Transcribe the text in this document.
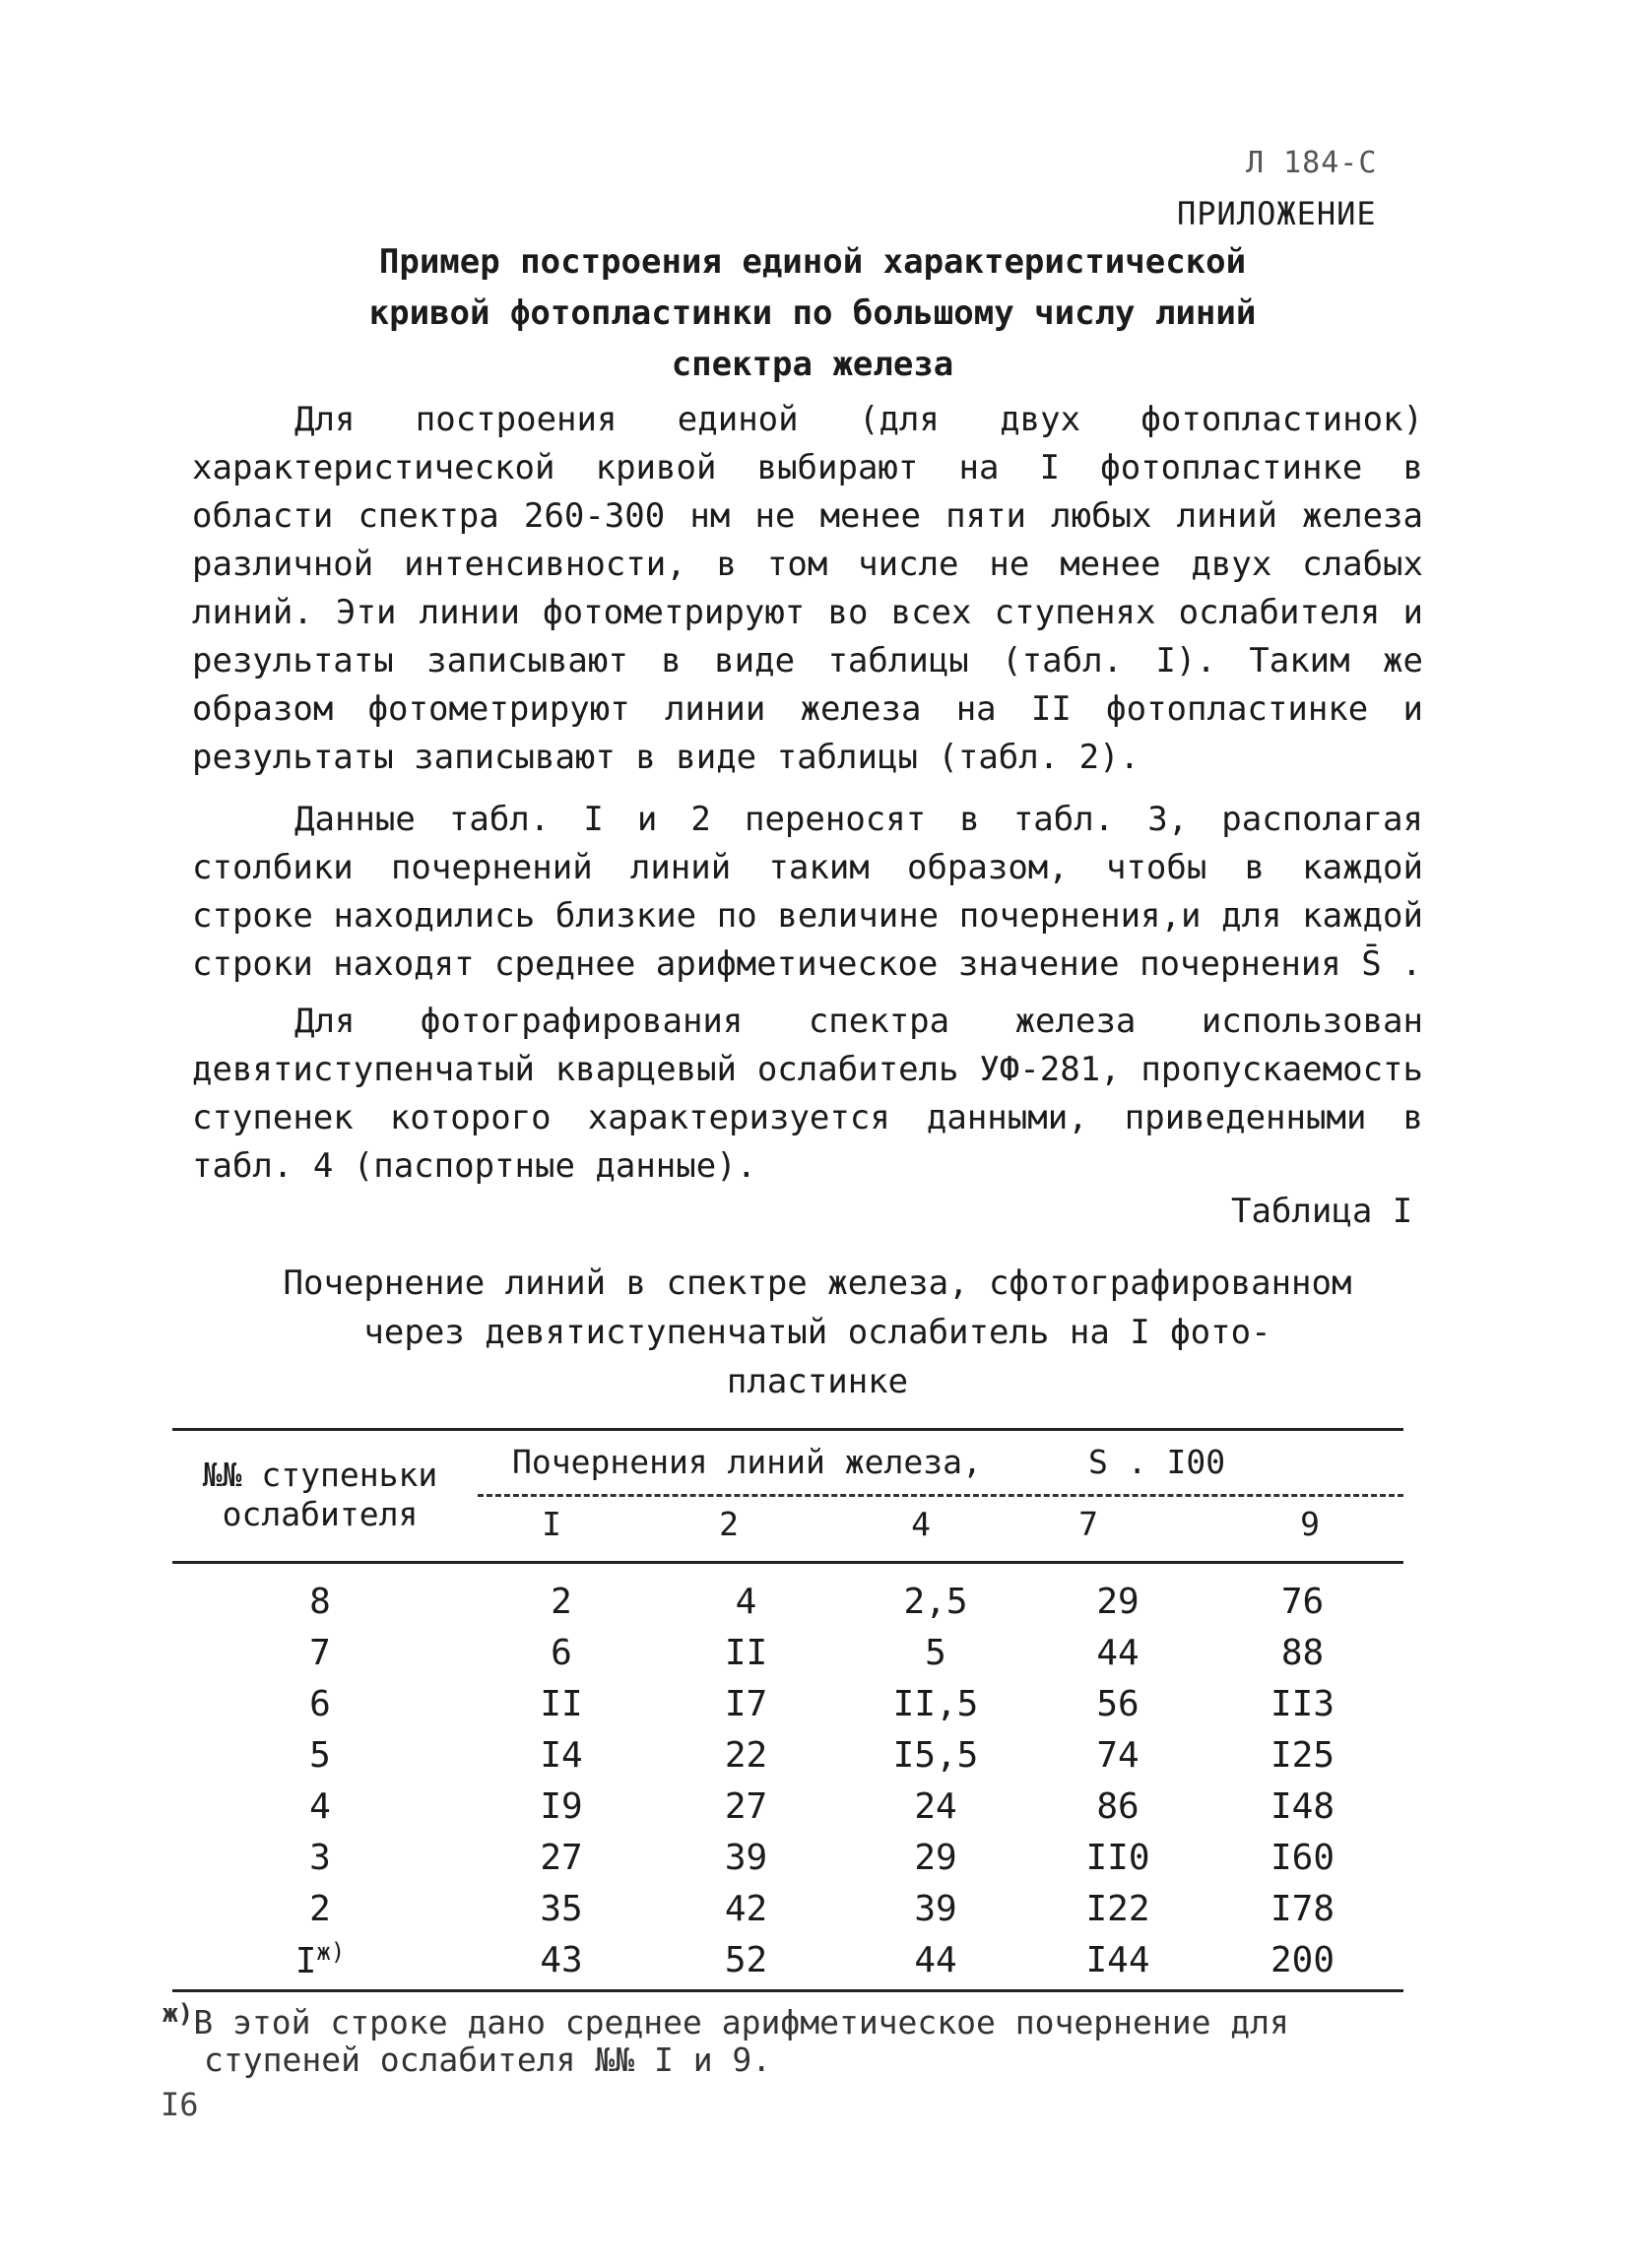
Л 184-С
ПРИЛОЖЕНИЕ
Пример построения единой характеристической
кривой фотопластинки по большому числу линий
спектра железа
Для построения единой (для двух фотопластинок) характеристической кривой выбирают на I фотопластинке в области спектра 260-300 нм не менее пяти любых линий железа различной интенсивности, в том числе не менее двух слабых линий. Эти линии фотометрируют во всех ступенях ослабителя и результаты записывают в виде таблицы (табл. I). Таким же образом фотометрируют линии железа на II фотопластинке и результаты записывают в виде таблицы (табл. 2).
Данные табл. I и 2 переносят в табл. 3, располагая столбики почернений линий таким образом, чтобы в каждой строке находились близкие по величине почернения,и для каждой строки находят среднее арифметическое значение почернения S̄ .
Для фотографирования спектра железа использован девятиступенчатый кварцевый ослабитель УФ-281, пропускаемость ступенек которого характеризуется данными, приведенными в табл. 4 (паспортные данные).
Таблица I
Почернение линий в спектре железа, сфотографированном
через девятиступенчатый ослабитель на I фото-
пластинке
№№ ступеньки
ослабителя
Почернения линий железа,	S . I00
I	2	4	7	9
8	2	4	2,5	29	76
7	6	II	5	44	88
6	II	I7	II,5	56	II3
5	I4	22	I5,5	74	I25
4	I9	27	24	86	I48
3	27	39	29	II0	I60
2	35	42	39	I22	I78
$I^{ж)}$	43	52	44	I44	200
$^{ж)}$В этой строке дано среднее арифметическое почернение для
ступеней ослабителя №№ I и 9.
I6
